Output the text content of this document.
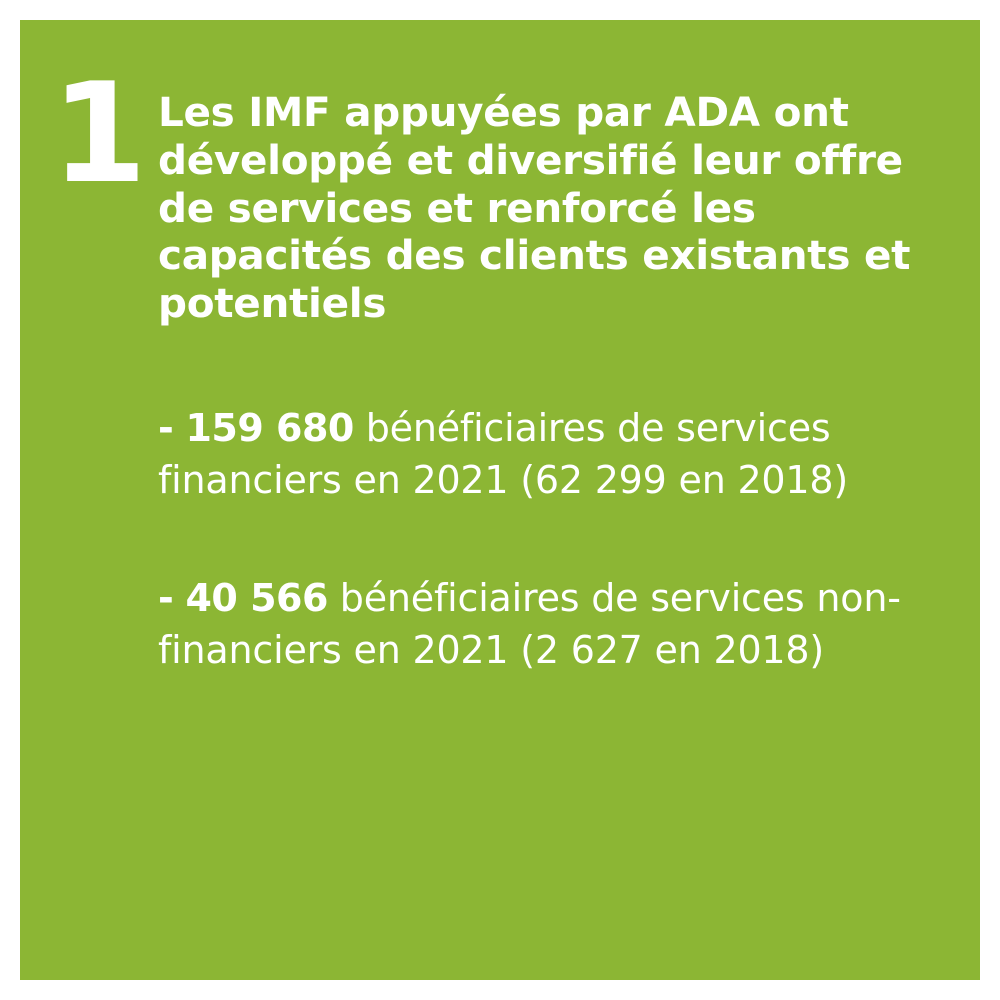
1 Les IMF appuyées par ADA ont développé et diversifié leur offre de services et renforcé les capacités des clients existants et potentiels
- 159 680 bénéficiaires de services financiers en 2021 (62 299 en 2018)
- 40 566 bénéficiaires de services non-financiers en 2021 (2 627 en 2018)
